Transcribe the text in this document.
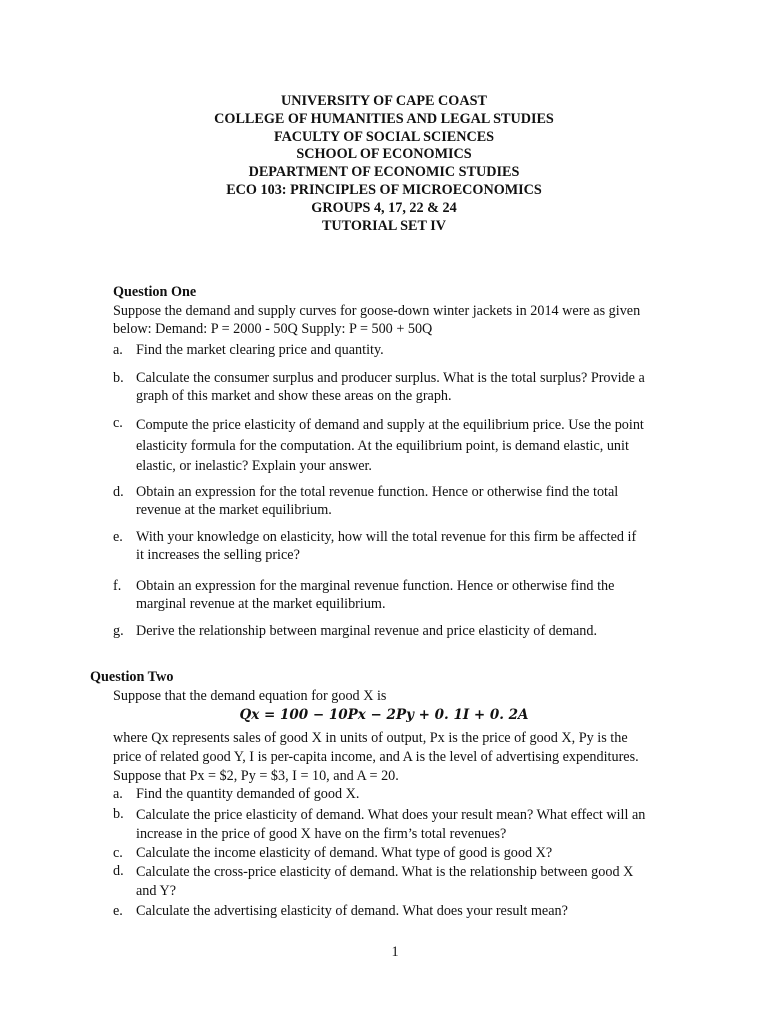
UNIVERSITY OF CAPE COAST
COLLEGE OF HUMANITIES AND LEGAL STUDIES
FACULTY OF SOCIAL SCIENCES
SCHOOL OF ECONOMICS
DEPARTMENT OF ECONOMIC STUDIES
ECO 103: PRINCIPLES OF MICROECONOMICS
GROUPS 4, 17, 22 & 24
TUTORIAL SET IV
Question One
Suppose the demand and supply curves for goose-down winter jackets in 2014 were as given
below: Demand: P = 2000 - 50Q Supply: P = 500 + 50Q
a. Find the market clearing price and quantity.
b. Calculate the consumer surplus and producer surplus. What is the total surplus? Provide a
graph of this market and show these areas on the graph.
c. Compute the price elasticity of demand and supply at the equilibrium price. Use the point
elasticity formula for the computation. At the equilibrium point, is demand elastic, unit
elastic, or inelastic? Explain your answer.
d. Obtain an expression for the total revenue function. Hence or otherwise find the total
revenue at the market equilibrium.
e. With your knowledge on elasticity, how will the total revenue for this firm be affected if
it increases the selling price?
f. Obtain an expression for the marginal revenue function. Hence or otherwise find the
marginal revenue at the market equilibrium.
g. Derive the relationship between marginal revenue and price elasticity of demand.
Question Two
Suppose that the demand equation for good X is
Qx = 100 − 10Px − 2Py + 0. 1I + 0. 2A
where Qx represents sales of good X in units of output, Px is the price of good X, Py is the
price of related good Y, I is per-capita income, and A is the level of advertising expenditures.
Suppose that Px = $2, Py = $3, I = 10, and A = 20.
a. Find the quantity demanded of good X.
b. Calculate the price elasticity of demand. What does your result mean? What effect will an
increase in the price of good X have on the firm’s total revenues?
c. Calculate the income elasticity of demand. What type of good is good X?
d. Calculate the cross-price elasticity of demand. What is the relationship between good X
and Y?
e. Calculate the advertising elasticity of demand. What does your result mean?
1
